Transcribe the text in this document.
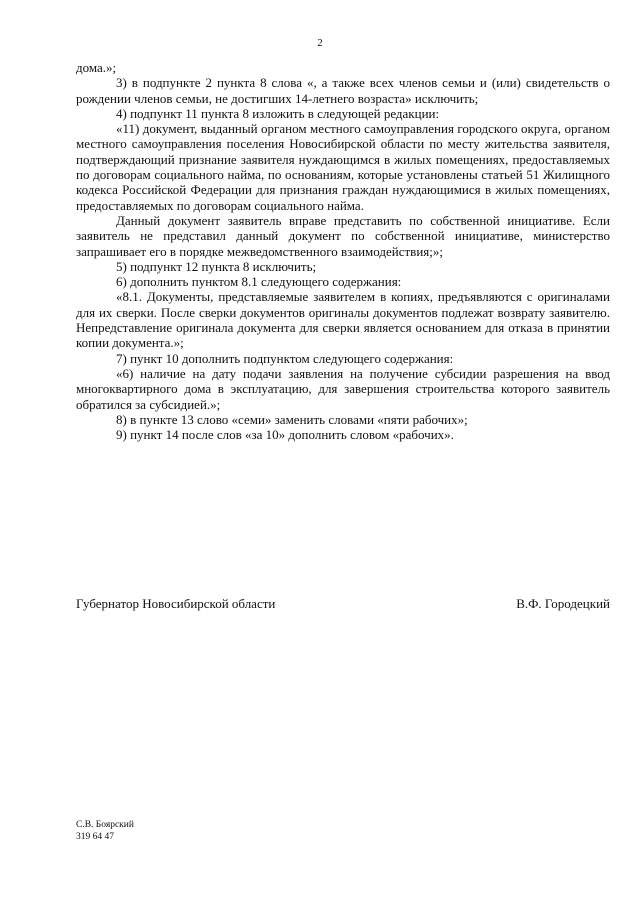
2

дома.»;

3) в подпункте 2 пункта 8 слова «, а также всех членов семьи и (или) свидетельств о рождении членов семьи, не достигших 14-летнего возраста» исключить;

4) подпункт 11 пункта 8 изложить в следующей редакции:

«11) документ, выданный органом местного самоуправления городского округа, органом местного самоуправления поселения Новосибирской области по месту жительства заявителя, подтверждающий признание заявителя нуждающимся в жилых помещениях, предоставляемых по договорам социального найма, по основаниям, которые установлены статьей 51 Жилищного кодекса Российской Федерации для признания граждан нуждающимися в жилых помещениях, предоставляемых по договорам социального найма.

Данный документ заявитель вправе представить по собственной инициативе. Если заявитель не представил данный документ по собственной инициативе, министерство запрашивает его в порядке межведомственного взаимодействия;»;

5) подпункт 12 пункта 8 исключить;

6) дополнить пунктом 8.1 следующего содержания:

«8.1. Документы, представляемые заявителем в копиях, предъявляются с оригиналами для их сверки. После сверки документов оригиналы документов подлежат возврату заявителю. Непредставление оригинала документа для сверки является основанием для отказа в принятии копии документа.»;

7) пункт 10 дополнить подпунктом следующего содержания:

«6) наличие на дату подачи заявления на получение субсидии разрешения на ввод многоквартирного дома в эксплуатацию, для завершения строительства которого заявитель обратился за субсидией.»;

8) в пункте 13 слово «семи» заменить словами «пяти рабочих»;

9) пункт 14 после слов «за 10» дополнить словом «рабочих».

Губернатор Новосибирской области	В.Ф. Городецкий
С.В. Боярский
319 64 47
